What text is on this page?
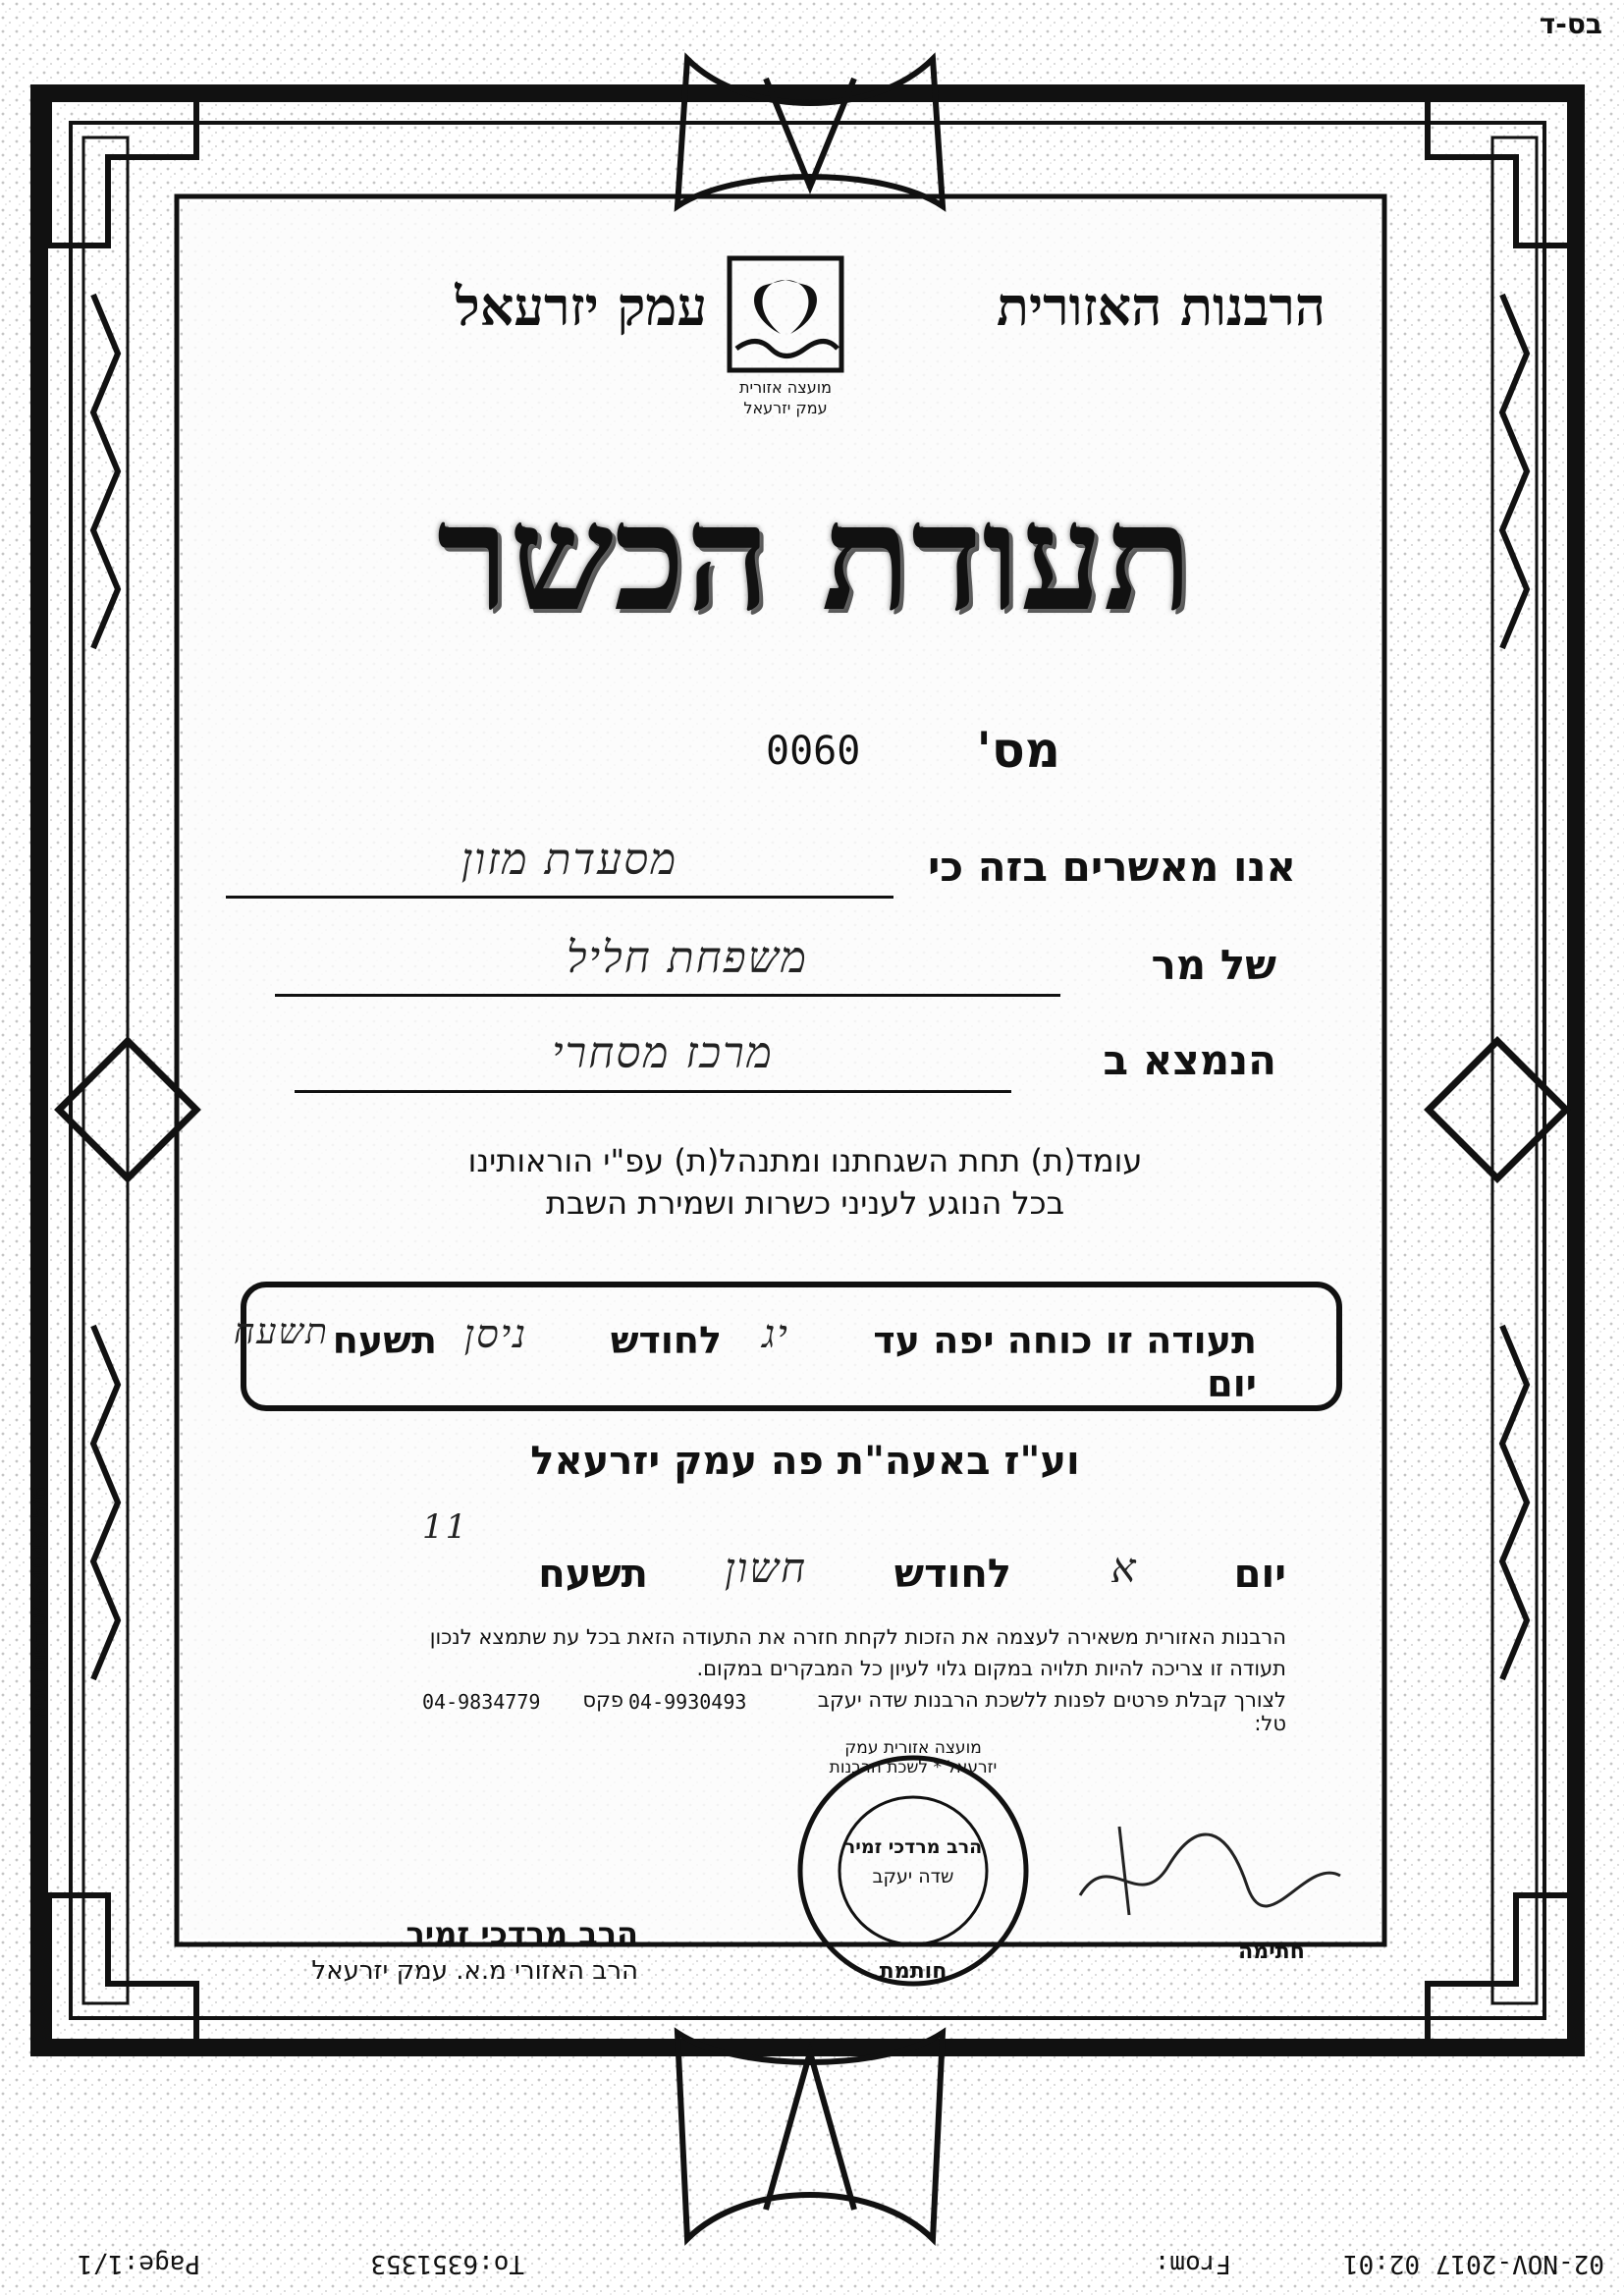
בס-ד
הרבנות האזורית
עמק יזרעאל
מועצה אזורית
עמק יזרעאל
תעודת הכשר
מס'
0060
אנו מאשרים בזה כי
מסעדת מזון
של מר
משפחת חליל
הנמצא ב
מרכז מסחרי
עומד(ת) תחת השגחתנו ומתנהל(ת) עפ"י הוראותינו
בכל הנוגע לעניני כשרות ושמירת השבת
תעודה זו כוחה יפה עד יום
יג
לחודש
ניסן
תשעח
תשעח
וע"ז באעה"ת פה עמק יזרעאל
11
יום
א
לחודש
חשון
תשעח
הרבנות האזורית משאירה לעצמה את הזכות לקחת חזרה את התעודה הזאת בכל עת שתמצא לנכון
תעודה זו צריכה להיות תלויה במקום גלוי לעיון כל המבקרים במקום.
לצורך קבלת פרטים לפנות ללשכת הרבנות שדה יעקב טל:
04-9930493
פקס
04-9834779
מועצה אזורית עמק יזרעאל * לשכת הרבנות
הרב מרדכי זמיר
שדה יעקב
חותמת
חתימה
הרב מרדכי זמיר
הרב האזורי מ.א. עמק יזרעאל
04-6404375/6 דפוס שגיא
02-NOV-2017 02:01
From:
To:6351353
Page:1/1
